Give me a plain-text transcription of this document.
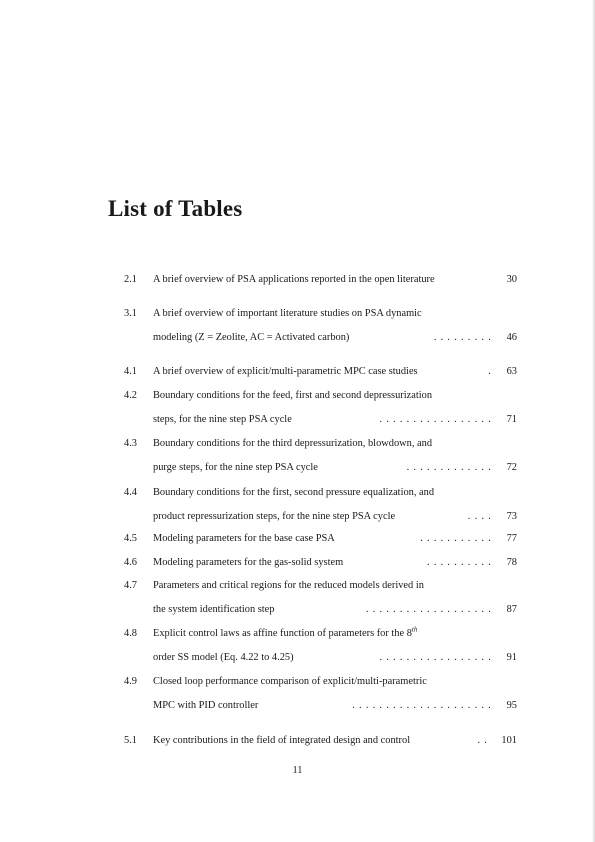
List of Tables
2.1	A brief overview of PSA applications reported in the open literature	30
3.1	A brief overview of important literature studies on PSA dynamic
modeling (Z = Zeolite, AC = Activated carbon)	......... 46
4.1	A brief overview of explicit/multi-parametric MPC case studies	. 63
4.2	Boundary conditions for the feed, first and second depressurization
steps, for the nine step PSA cycle	................. 71
4.3	Boundary conditions for the third depressurization, blowdown, and
purge steps, for the nine step PSA cycle	............. 72
4.4	Boundary conditions for the first, second pressure equalization, and
product repressurization steps, for the nine step PSA cycle	.... 73
4.5	Modeling parameters for the base case PSA	........... 77
4.6	Modeling parameters for the gas-solid system	.......... 78
4.7	Parameters and critical regions for the reduced models derived in
the system identification step	................... 87
4.8	Explicit control laws as affine function of parameters for the 8th
order SS model (Eq. 4.22 to 4.25)	................. 91
4.9	Closed loop performance comparison of explicit/multi-parametric
MPC with PID controller	..................... 95
5.1	Key contributions in the field of integrated design and control	.. 101
11
